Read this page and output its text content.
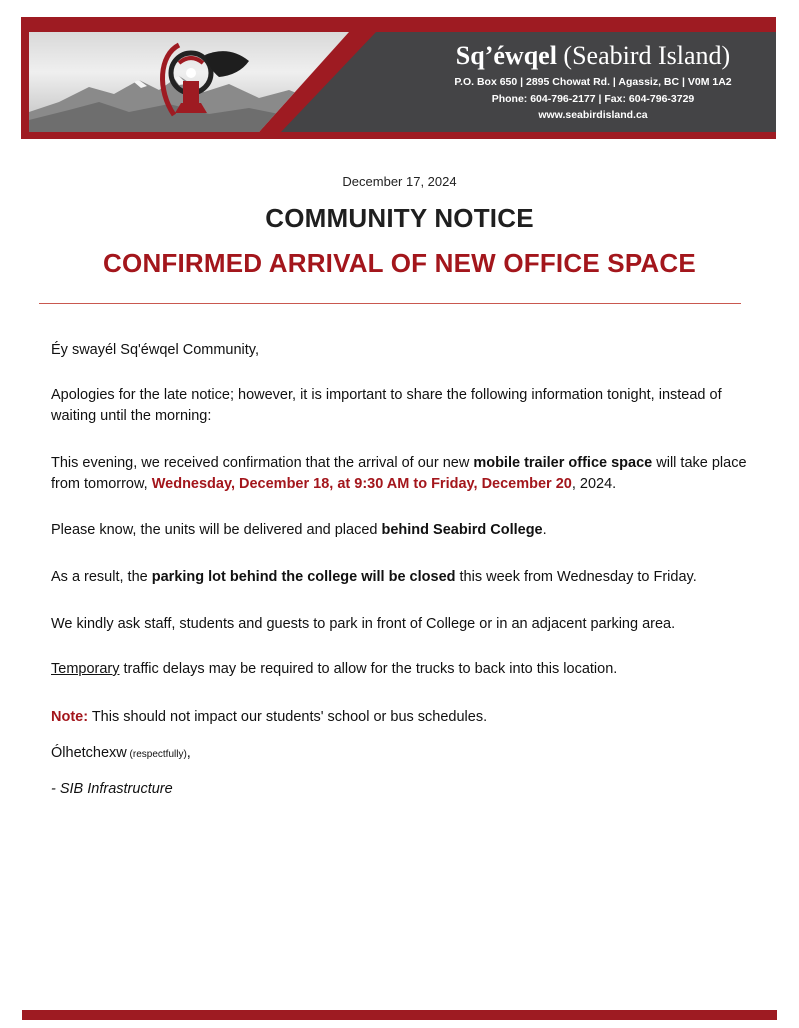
Sq’éwqel (Seabird Island)
P.O. Box 650 | 2895 Chowat Rd. | Agassiz, BC | V0M 1A2
Phone: 604-796-2177 | Fax: 604-796-3729
www.seabirdisland.ca
December 17, 2024
COMMUNITY NOTICE
CONFIRMED ARRIVAL OF NEW OFFICE SPACE
Éy swayél Sq'éwqel Community,
Apologies for the late notice; however, it is important to share the following information tonight, instead of waiting until the morning:
This evening, we received confirmation that the arrival of our new mobile trailer office space will take place from tomorrow, Wednesday, December 18, at 9:30 AM to Friday, December 20, 2024.
Please know, the units will be delivered and placed behind Seabird College.
As a result, the parking lot behind the college will be closed this week from Wednesday to Friday.
We kindly ask staff, students and guests to park in front of College or in an adjacent parking area.
Temporary traffic delays may be required to allow for the trucks to back into this location.
Note: This should not impact our students' school or bus schedules.
Ólhetchexw (respectfully),
- SIB Infrastructure
